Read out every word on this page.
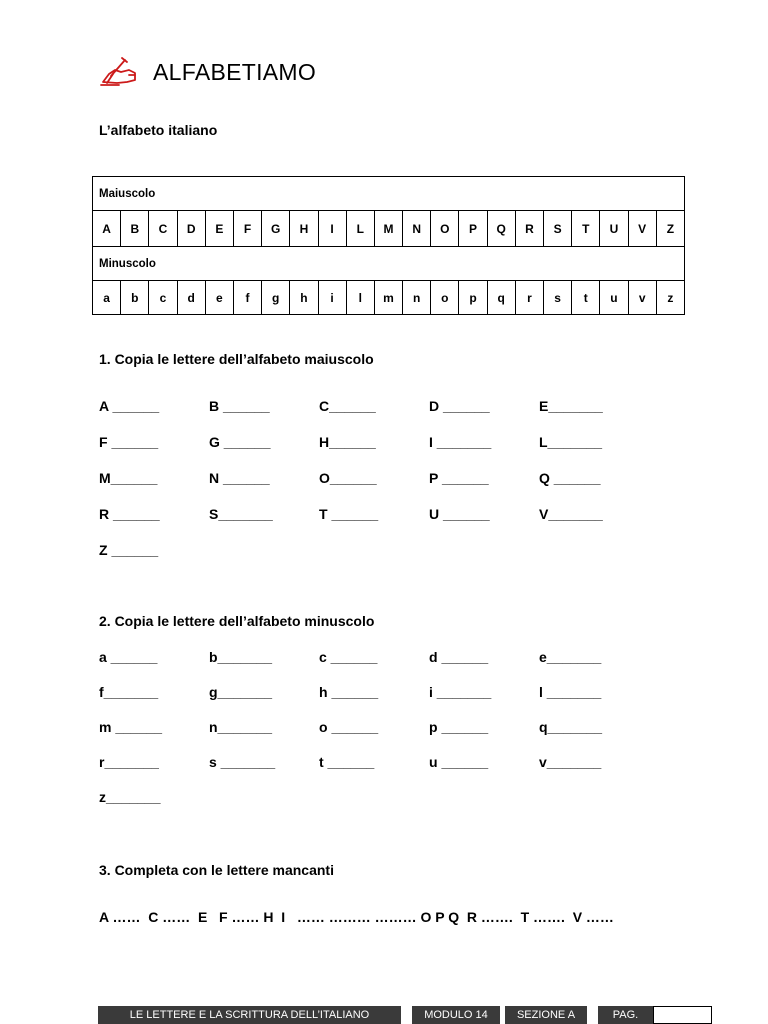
ALFABETIAMO
L’alfabeto italiano
Maiuscolo																				
A	B	C	D	E	F	G	H	I	L	M	N	O	P	Q	R	S	T	U	V	Z
Minuscolo																				
a	b	c	d	e	f	g	h	i	l	m	n	o	p	q	r	s	t	u	v	z
1. Copia le lettere dell’alfabeto maiuscolo
A ______	B ______	C______	D ______	E_______
F ______	G ______	H______	I _______	L_______
M______	N ______	O______	P ______	Q ______
R ______	S_______	T ______	U ______	V_______
Z ______
2. Copia le lettere dell’alfabeto minuscolo
a ______	b_______	c ______	d ______	e_______
f_______	g_______	h ______	i _______	l _______
m ______	n_______	o ______	p ______	q_______
r_______	s _______	t ______	u ______	v_______
z_______
3. Completa con le lettere mancanti
A ……  C ……  E   F …… H  I   …… ……… ……… O P Q  R …….  T …….  V ……
LE LETTERE E LA SCRITTURA DELL’ITALIANO	MODULO 14	SEZIONE A	PAG.
